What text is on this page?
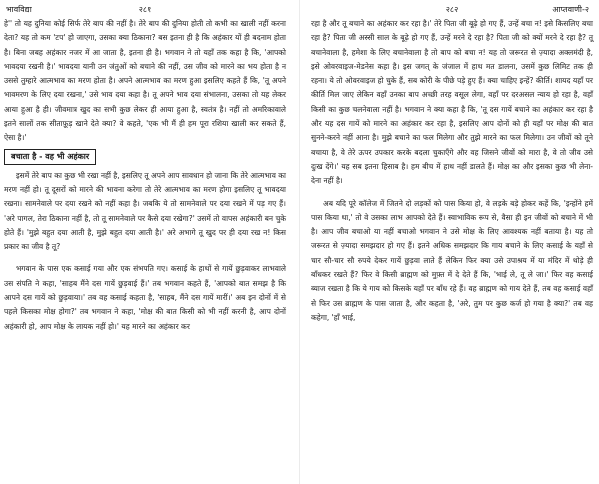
भावविद्या	२८१

हे'' तो यह दुनिया कोई सिर्फ तेरे बाप की नहीं है। तेरे बाप की दुनिया होती तो कभी का खाली नहीं करना देता? यह तो कम 'टप' हो जाएगा, उसका क्या ठिकाना? बस इतना ही है कि अहंकार यों ही बदनाम होता है। बिना जबह अहंकार नजर में आ जाता है, इतना ही है। भगवान ने तो यहाँ तक कहा है कि, 'आपको भावदया रखनी है।' भावदया यानी उन जंतुओं को बचाने की नहीं, उस जीव को मारने का भय होता है न उससे तुम्हारे आत्मभाव का मरण होता है। अपने आत्मभाव का मरण हुआ इसलिए कहते हैं कि, 'तू अपने भावमरण के लिए दया रखना,' उसे भाव दया कहा है। तू अपने भाव दया संभालना, उसका तो यह लेकर आया हुआ है ही। जीवमात्र खुद का सभी कुछ लेकर ही आया हुआ है, स्वतंत्र है। नहीं तो अमरिकावाले इतने सालों तक सीताफ़ूड़ खाने देते क्या? वे कहते, 'एक भी मैं ही हम पूरा रशिया खाली कर सकते हैं, ऐसा है।'

बचाता है - वह भी अहंकार

इसमें तेरे बाप का कुछ भी रखा नहीं है, इसलिए तू अपने आप सावधान हो जाना कि तेरे आत्मभाव का मरण नहीं हो। तू दूसरों को मारने की भावना करेगा तो तेरे आत्मभाव का मरण होगा इसलिए तू भावदया रखना। सामनेवाले पर दया रखने को नहीं कहा है। जबकि ये तो सामनेवाले पर दया रखने में पड़ गए हैं। 'अरे पागल, तेरा ठिकाना नहीं है, तो तू सामनेवाले पर कैसे दया रखेगा?' उसमें तो वापस अहंकारी बन चुके होते हैं। 'मुझे बहुत दया आती है, मुझे बहुत दया आती है।' अरे अभागे तू खुद पर ही दया रख न! किस प्रकार का जीव है तू?

भगवान के पास एक कसाई गया और एक संभपति गए। कसाई के हाथों से गायें छुड़वाकर लाभवाले उस संपति ने कहा, 'साहब मैंने दस गायें छुड़वाई हैं।' तब भगवान कहते हैं, 'आपको बात समझ है कि आपने दस गायें को छुड़वाया।' तब वह कसाई कहता है, 'साहब, मैंने दस गायें मारीं।' अब इन दोनों में से पहले किसका मोक्ष होगा?' तब भगवान ने कहा, 'मोक्ष की बात किसी को भी नहीं करनी है, आप दोनों अहंकारी हो, आप मोक्ष के लायक नहीं हो।' यह मारने का अहंकार कर

२८२	आप्तवाणी-२

रहा है और तू बचाने का अहंकार कर रहा है।' तेरे पिता जी बूढ़े हो गए हैं, उन्हें बचा न! इसे किसलिए बचा रहा है? पिता जी अस्सी साल के बूढ़े हो गए हैं, उन्हें मरने दे रहा है? पिता जी को क्यों मरने दे रहा है? तू बचानेवाला है, हमेशा के लिए बचानेवाला है तो बाप को बचा न! यह तो जरूरत से ज़्यादा अक्लमंदी है, इसे ओवरवाइज-मेडनेस कहा है। इस जगत् के जंजाल में हाथ मत डालना, उसमें कुछ लिमिट तक ही रहना। ये तो ओवरवाइज हो चुके हैं, सब कोरी के पीछे पड़े हुए हैं। क्या चाहिए इन्हें? कीर्ति। शायद यहाँ पर कीर्ति मिल जाए लेकिन वहाँ उनका बाप अच्छी तरह वसूल लेगा, वहाँ पर दरअसल न्याय हो रहा है, वहाँ किसी का कुछ चलनेवाला नहीं है। भगवान ने क्या कहा है कि, 'तू दस गायें बचाने का अहंकार कर रहा है और यह दस गायें को मारने का अहंकार कर रहा है, इसलिए आप दोनों को ही यहाँ पर मोक्ष की बात सुनने-करने नहीं आना है। मुझे बचाने का फल मिलेगा और तुझे मारने का फल मिलेगा। उन जीवों को तूने बचाया है, वे तेरे ऊपर उपकार करके बदला चुकाएँगे और वह जिसने जीवों को मारा है, वे तो जीव उसे दुःख देंगे।' यह सब इतना हिसाब है। हम बीच में हाथ नहीं डालते हैं। मोक्ष का और इसका कुछ भी लेना-देना नहीं है।

अब यदि पूरे कॉलेज में जितने दो लड़कों को पास किया हो, वे लड़के बड़े होकर कहें कि, 'इन्होंने हमें पास किया था,' तो वे उसका लाभ आपको देते हैं। स्वाभाविक रूप से, वैसा ही इन जीवों को बचाने में भी है। आप जीव बचाओ या नहीं बचाओ भगवान ने उसे मोक्ष के लिए आवश्यक नहीं बताया है। यह तो जरूरत से ज़्यादा समझदार हो गए हैं। इतने अधिक समझदार कि गाय बचाने के लिए कसाई के यहाँ से चार सौ-चार सौ रुपये देकर गायें छुड़वा लाते हैं लेकिन फिर क्या उसे उपाश्रय में या मंदिर में थोड़े ही बाँधकर रखते हैं? फिर वे किसी ब्राह्मण को मुफ़्त में दे देते हैं कि, 'भाई ले, तू ले जा।' फिर वह कसाई ब्याज रखता है कि ये गाय को किसके यहाँ पर बाँध रहे हैं। वह ब्राह्मण को गाय देते हैं, तब वह कसाई वहाँ से फिर उस ब्राह्मण के पास जाता है, और कहता है, 'अरे, तुम पर कुछ कर्ज हो गया है क्या?' तब वह कहेगा, 'हाँ भाई,
